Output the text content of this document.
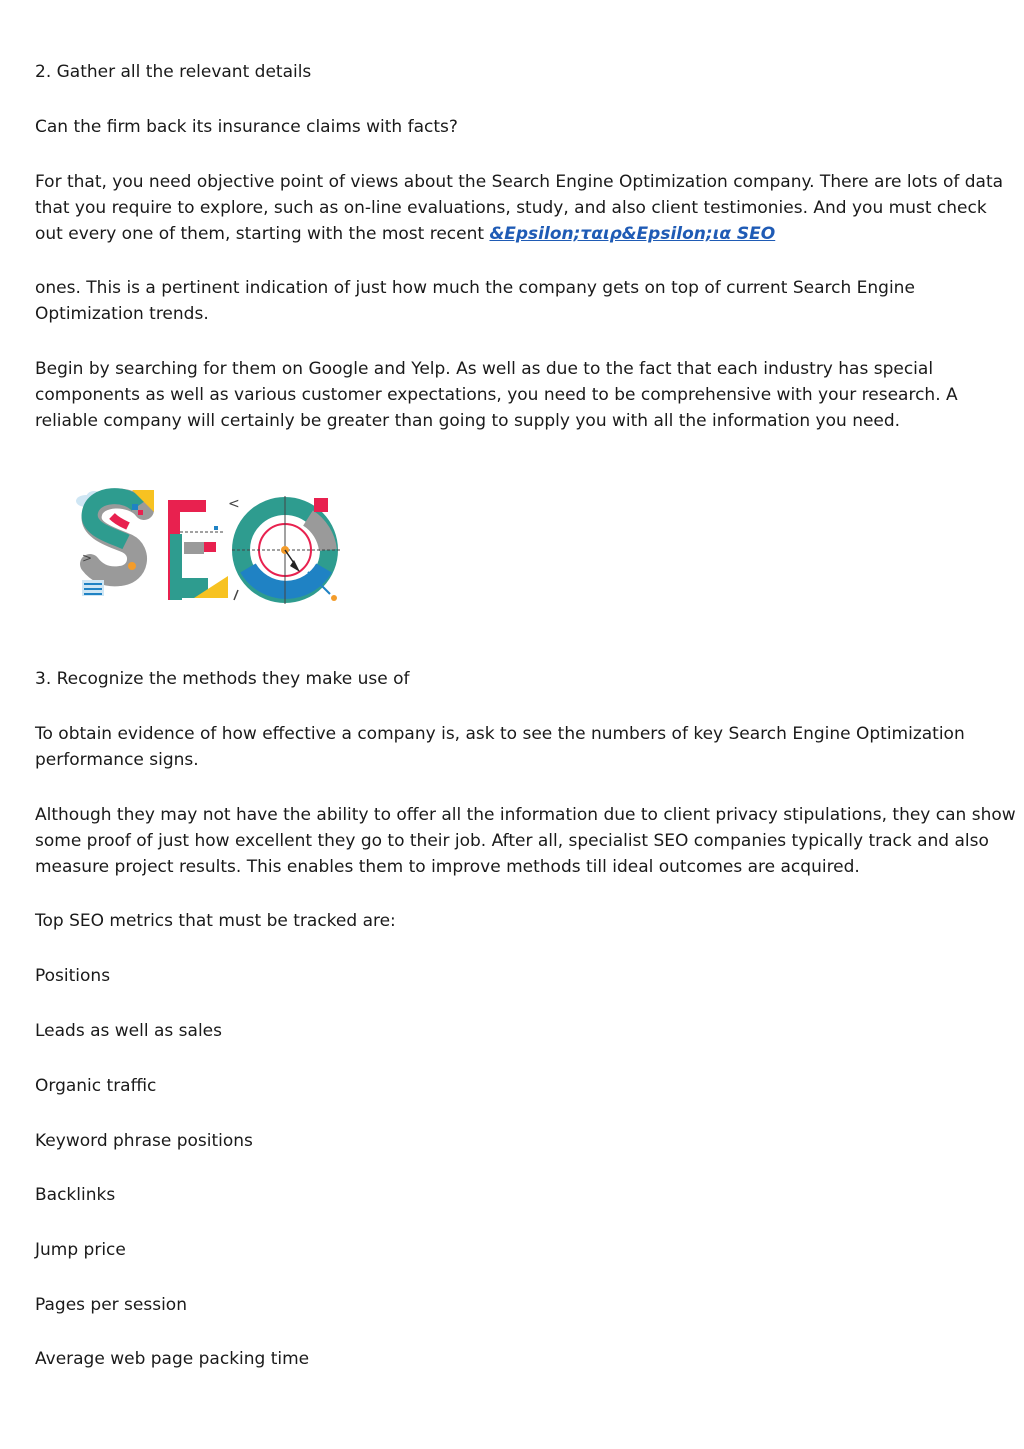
2. Gather all the relevant details

Can the firm back its insurance claims with facts?

For that, you need objective point of views about the Search Engine Optimization company. There are lots of data

that you require to explore, such as on-line evaluations, study, and also client testimonies. And you must check

out every one of them, starting with the most recent &Epsilon;ταιρ&Epsilon;ια SEO

ones. This is a pertinent indication of just how much the company gets on top of current Search Engine

Optimization trends.

Begin by searching for them on Google and Yelp. As well as due to the fact that each industry has special

components as well as various customer expectations, you need to be comprehensive with your research. A

reliable company will certainly be greater than going to supply you with all the information you need.

>
<

3. Recognize the methods they make use of

To obtain evidence of how effective a company is, ask to see the numbers of key Search Engine Optimization

performance signs.

Although they may not have the ability to offer all the information due to client privacy stipulations, they can show

some proof of just how excellent they go to their job. After all, specialist SEO companies typically track and also

measure project results. This enables them to improve methods till ideal outcomes are acquired.

Top SEO metrics that must be tracked are:

Positions

Leads as well as sales

Organic traffic

Keyword phrase positions

Backlinks

Jump price

Pages per session

Average web page packing time
